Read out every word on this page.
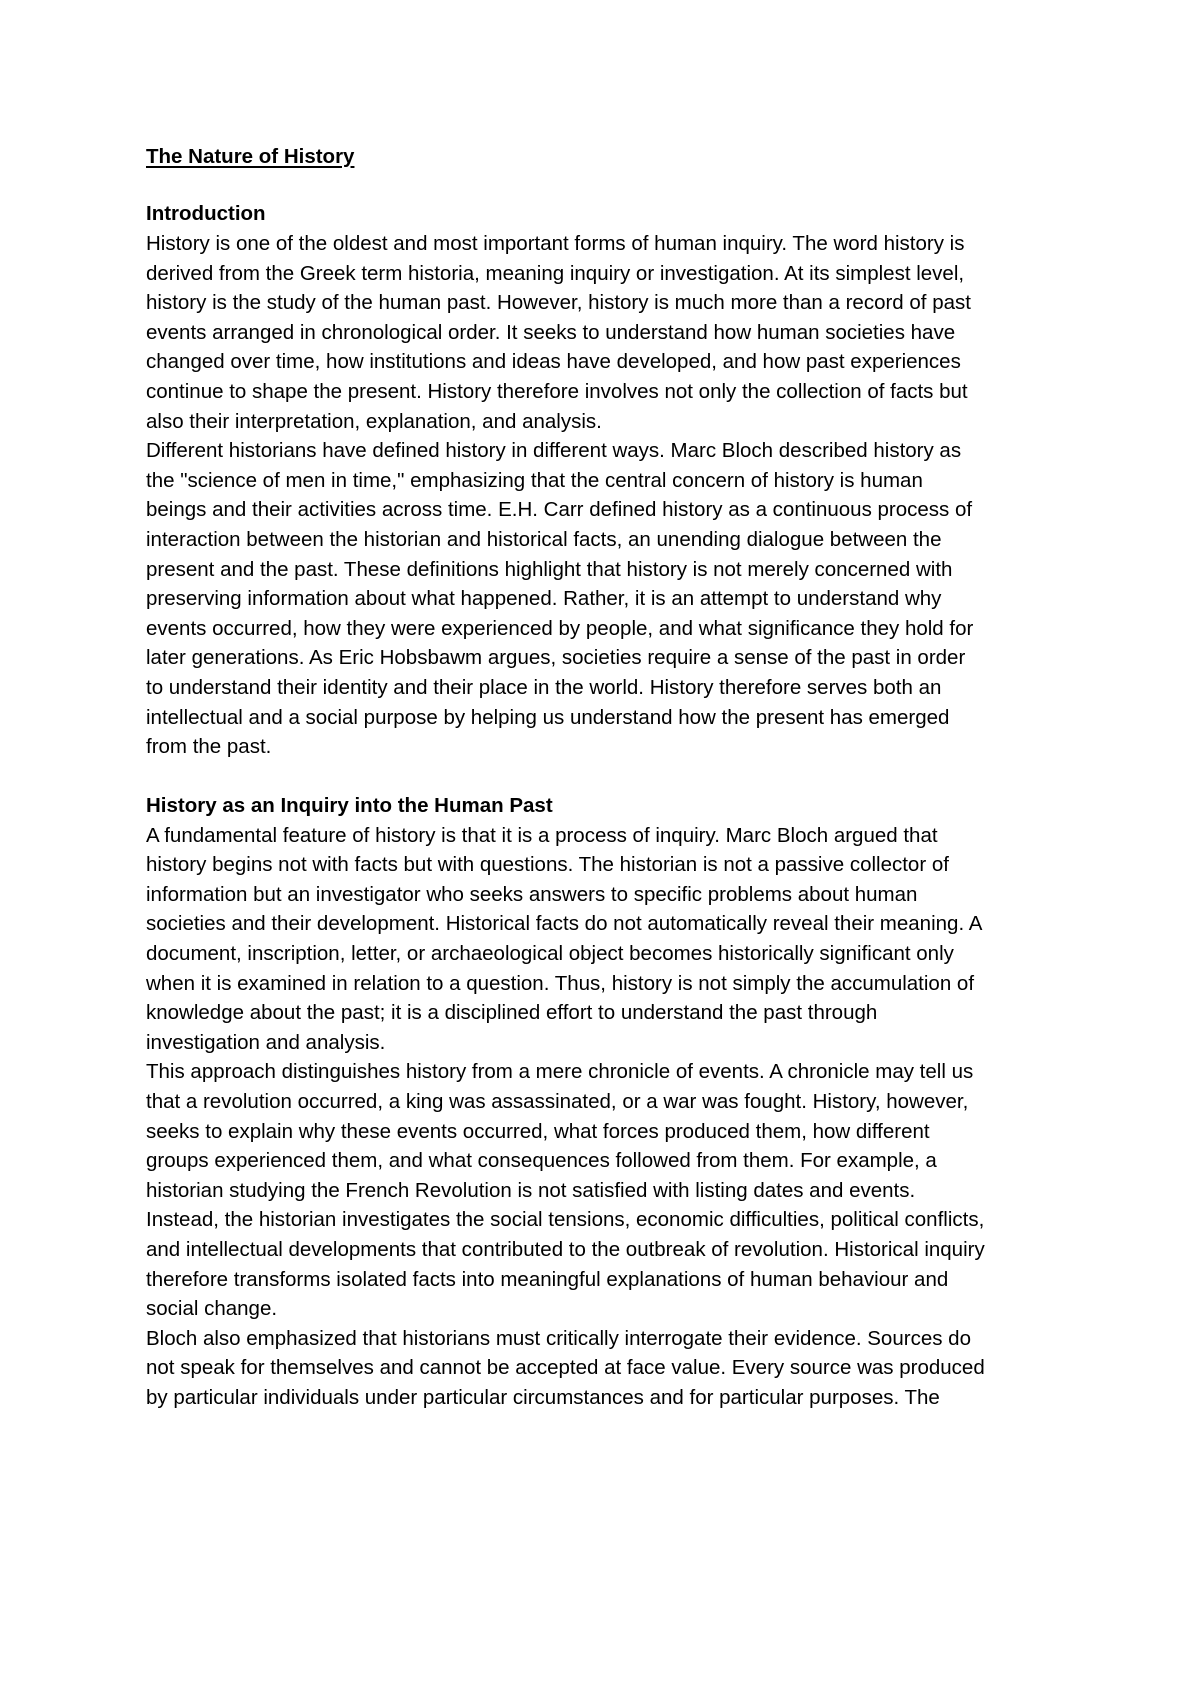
The Nature of History
Introduction

History is one of the oldest and most important forms of human inquiry. The word history is
derived from the Greek term historia, meaning inquiry or investigation. At its simplest level,
history is the study of the human past. However, history is much more than a record of past
events arranged in chronological order. It seeks to understand how human societies have
changed over time, how institutions and ideas have developed, and how past experiences
continue to shape the present. History therefore involves not only the collection of facts but
also their interpretation, explanation, and analysis.

Different historians have defined history in different ways. Marc Bloch described history as
the "science of men in time," emphasizing that the central concern of history is human
beings and their activities across time. E.H. Carr defined history as a continuous process of
interaction between the historian and historical facts, an unending dialogue between the
present and the past. These definitions highlight that history is not merely concerned with
preserving information about what happened. Rather, it is an attempt to understand why
events occurred, how they were experienced by people, and what significance they hold for
later generations. As Eric Hobsbawm argues, societies require a sense of the past in order
to understand their identity and their place in the world. History therefore serves both an
intellectual and a social purpose by helping us understand how the present has emerged
from the past.

History as an Inquiry into the Human Past

A fundamental feature of history is that it is a process of inquiry. Marc Bloch argued that
history begins not with facts but with questions. The historian is not a passive collector of
information but an investigator who seeks answers to specific problems about human
societies and their development. Historical facts do not automatically reveal their meaning. A
document, inscription, letter, or archaeological object becomes historically significant only
when it is examined in relation to a question. Thus, history is not simply the accumulation of
knowledge about the past; it is a disciplined effort to understand the past through
investigation and analysis.

This approach distinguishes history from a mere chronicle of events. A chronicle may tell us
that a revolution occurred, a king was assassinated, or a war was fought. History, however,
seeks to explain why these events occurred, what forces produced them, how different
groups experienced them, and what consequences followed from them. For example, a
historian studying the French Revolution is not satisfied with listing dates and events.
Instead, the historian investigates the social tensions, economic difficulties, political conflicts,
and intellectual developments that contributed to the outbreak of revolution. Historical inquiry
therefore transforms isolated facts into meaningful explanations of human behaviour and
social change.

Bloch also emphasized that historians must critically interrogate their evidence. Sources do
not speak for themselves and cannot be accepted at face value. Every source was produced
by particular individuals under particular circumstances and for particular purposes. The
